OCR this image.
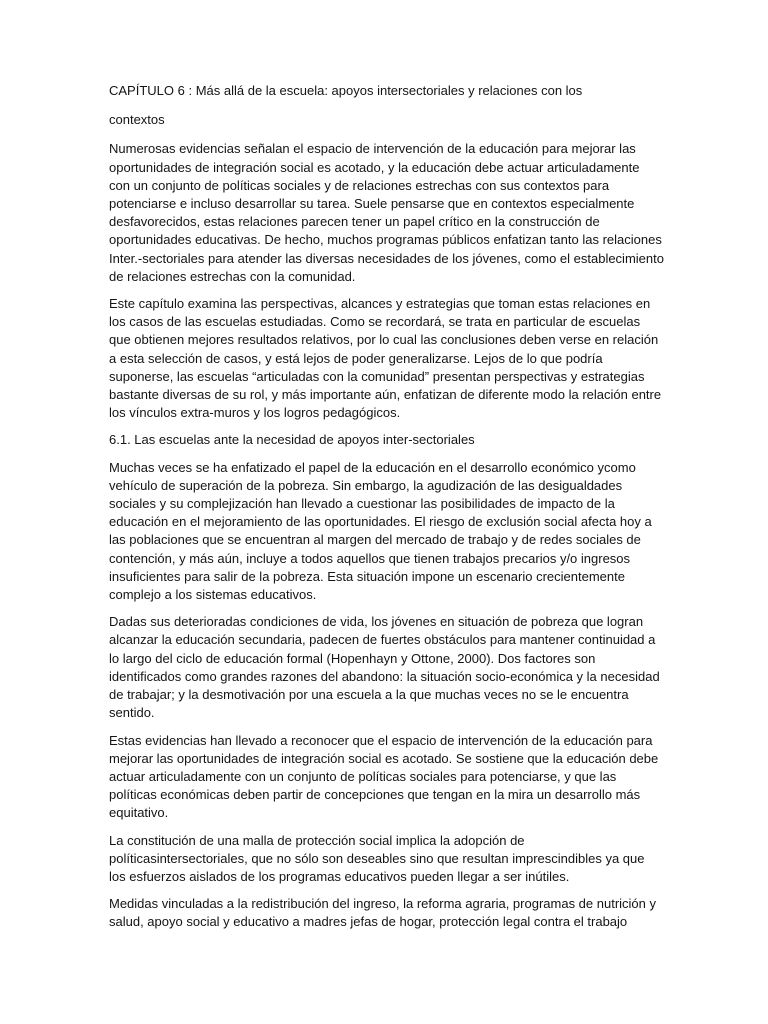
CAPÍTULO 6 : Más allá de la escuela: apoyos intersectoriales y relaciones con los

contextos

Numerosas evidencias señalan el espacio de intervención de la educación para mejorar las oportunidades de integración social es acotado, y la educación debe actuar articuladamente con un conjunto de políticas sociales y de relaciones estrechas con sus contextos para potenciarse e incluso desarrollar su tarea. Suele pensarse que en contextos especialmente desfavorecidos, estas relaciones parecen tener un papel crítico en la construcción de oportunidades educativas. De hecho, muchos programas públicos enfatizan tanto las relaciones Inter.-sectoriales para atender las diversas necesidades de los jóvenes, como el establecimiento de relaciones estrechas con la comunidad.

Este capítulo examina las perspectivas, alcances y estrategias que toman estas relaciones en los casos de las escuelas estudiadas. Como se recordará, se trata en particular de escuelas que obtienen mejores resultados relativos, por lo cual las conclusiones deben verse en relación a esta selección de casos, y está lejos de poder generalizarse. Lejos de lo que podría suponerse, las escuelas “articuladas con la comunidad” presentan perspectivas y estrategias bastante diversas de su rol, y más importante aún, enfatizan de diferente modo la relación entre los vínculos extra-muros y los logros pedagógicos.

6.1. Las escuelas ante la necesidad de apoyos inter-sectoriales

Muchas veces se ha enfatizado el papel de la educación en el desarrollo económico ycomo vehículo de superación de la pobreza. Sin embargo, la agudización de las desigualdades sociales y su complejización han llevado a cuestionar las posibilidades de impacto de la educación en el mejoramiento de las oportunidades. El riesgo de exclusión social afecta hoy a las poblaciones que se encuentran al margen del mercado de trabajo y de redes sociales de contención, y más aún, incluye a todos aquellos que tienen trabajos precarios y/o ingresos insuficientes para salir de la pobreza. Esta situación impone un escenario crecientemente complejo a los sistemas educativos.

Dadas sus deterioradas condiciones de vida, los jóvenes en situación de pobreza que logran alcanzar la educación secundaria, padecen de fuertes obstáculos para mantener continuidad a lo largo del ciclo de educación formal (Hopenhayn y Ottone, 2000). Dos factores son identificados como grandes razones del abandono: la situación socio-económica y la necesidad de trabajar; y la desmotivación por una escuela a la que muchas veces no se le encuentra sentido.

Estas evidencias han llevado a reconocer que el espacio de intervención de la educación para mejorar las oportunidades de integración social es acotado. Se sostiene que la educación debe actuar articuladamente con un conjunto de políticas sociales para potenciarse, y que las políticas económicas deben partir de concepciones que tengan en la mira un desarrollo más equitativo.

La constitución de una malla de protección social implica la adopción de políticasintersectoriales, que no sólo son deseables sino que resultan imprescindibles ya que los esfuerzos aislados de los programas educativos pueden llegar a ser inútiles.

Medidas vinculadas a la redistribución del ingreso, la reforma agraria, programas de nutrición y salud, apoyo social y educativo a madres jefas de hogar, protección legal contra el trabajo
